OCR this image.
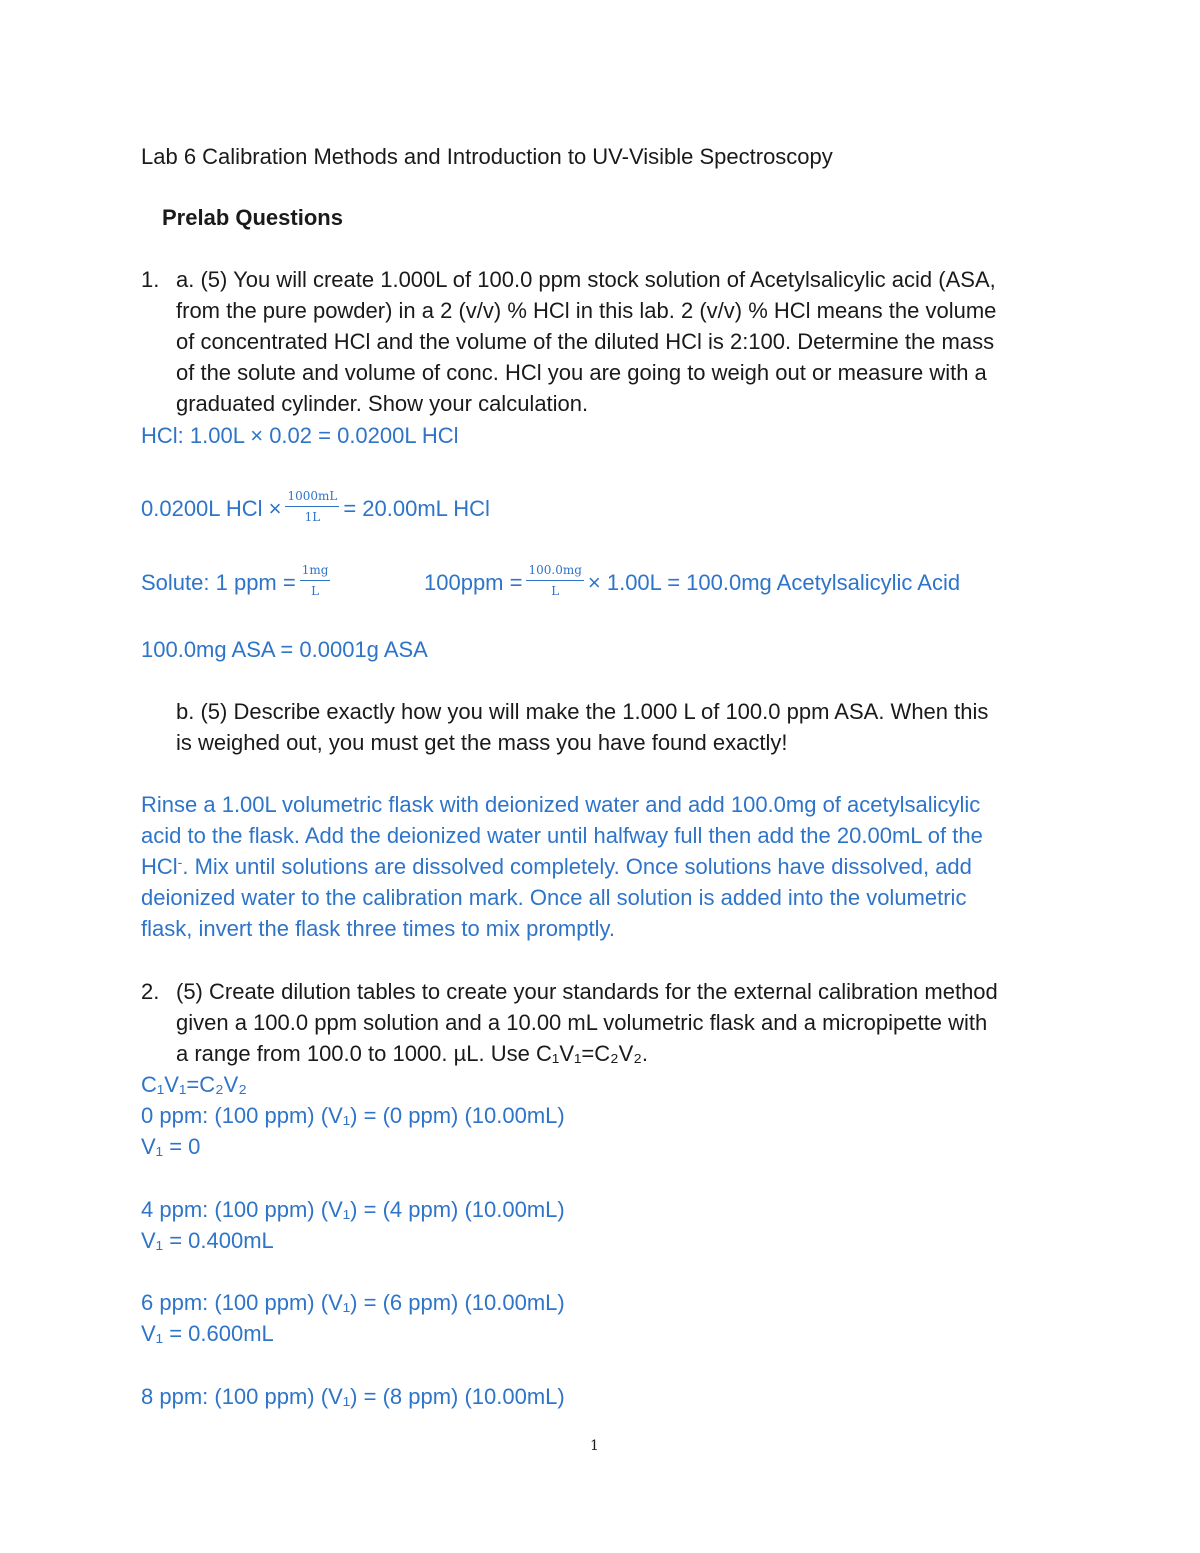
Lab 6 Calibration Methods and Introduction to UV-Visible Spectroscopy
Prelab Questions
1. a. (5) You will create 1.000L of 100.0 ppm stock solution of Acetylsalicylic acid (ASA,
from the pure powder) in a 2 (v/v) % HCl in this lab. 2 (v/v) % HCl means the volume
of concentrated HCl and the volume of the diluted HCl is 2:100. Determine the mass
of the solute and volume of conc. HCl you are going to weigh out or measure with a
graduated cylinder. Show your calculation.
HCl: 1.00L × 0.02 = 0.0200L HCl
0.0200L HCl × $\frac{1000mL}{1L} = 20.00mL$ HCl
Solute: 1 ppm = $\frac{1mg}{L}$	$100ppm = \frac{100.0mg}{L} \times 1.00L = 100.0mg$ Acetylsalicylic Acid
100.0mg ASA = 0.0001g ASA
b. (5) Describe exactly how you will make the 1.000 L of 100.0 ppm ASA. When this
is weighed out, you must get the mass you have found exactly!
Rinse a 1.00L volumetric flask with deionized water and add 100.0mg of acetylsalicylic
acid to the flask. Add the deionized water until halfway full then add the 20.00mL of the
HCl-. Mix until solutions are dissolved completely. Once solutions have dissolved, add
deionized water to the calibration mark. Once all solution is added into the volumetric
flask, invert the flask three times to mix promptly.
2. (5) Create dilution tables to create your standards for the external calibration method
given a 100.0 ppm solution and a 10.00 mL volumetric flask and a micropipette with
a range from 100.0 to 1000. µL. Use C₁V₁=C₂V₂.
C₁V₁=C₂V₂
0 ppm: (100 ppm) (V₁) = (0 ppm) (10.00mL)
V₁ = 0
4 ppm: (100 ppm) (V₁) = (4 ppm) (10.00mL)
V₁ = 0.400mL
6 ppm: (100 ppm) (V₁) = (6 ppm) (10.00mL)
V₁ = 0.600mL
8 ppm: (100 ppm) (V₁) = (8 ppm) (10.00mL)
1
